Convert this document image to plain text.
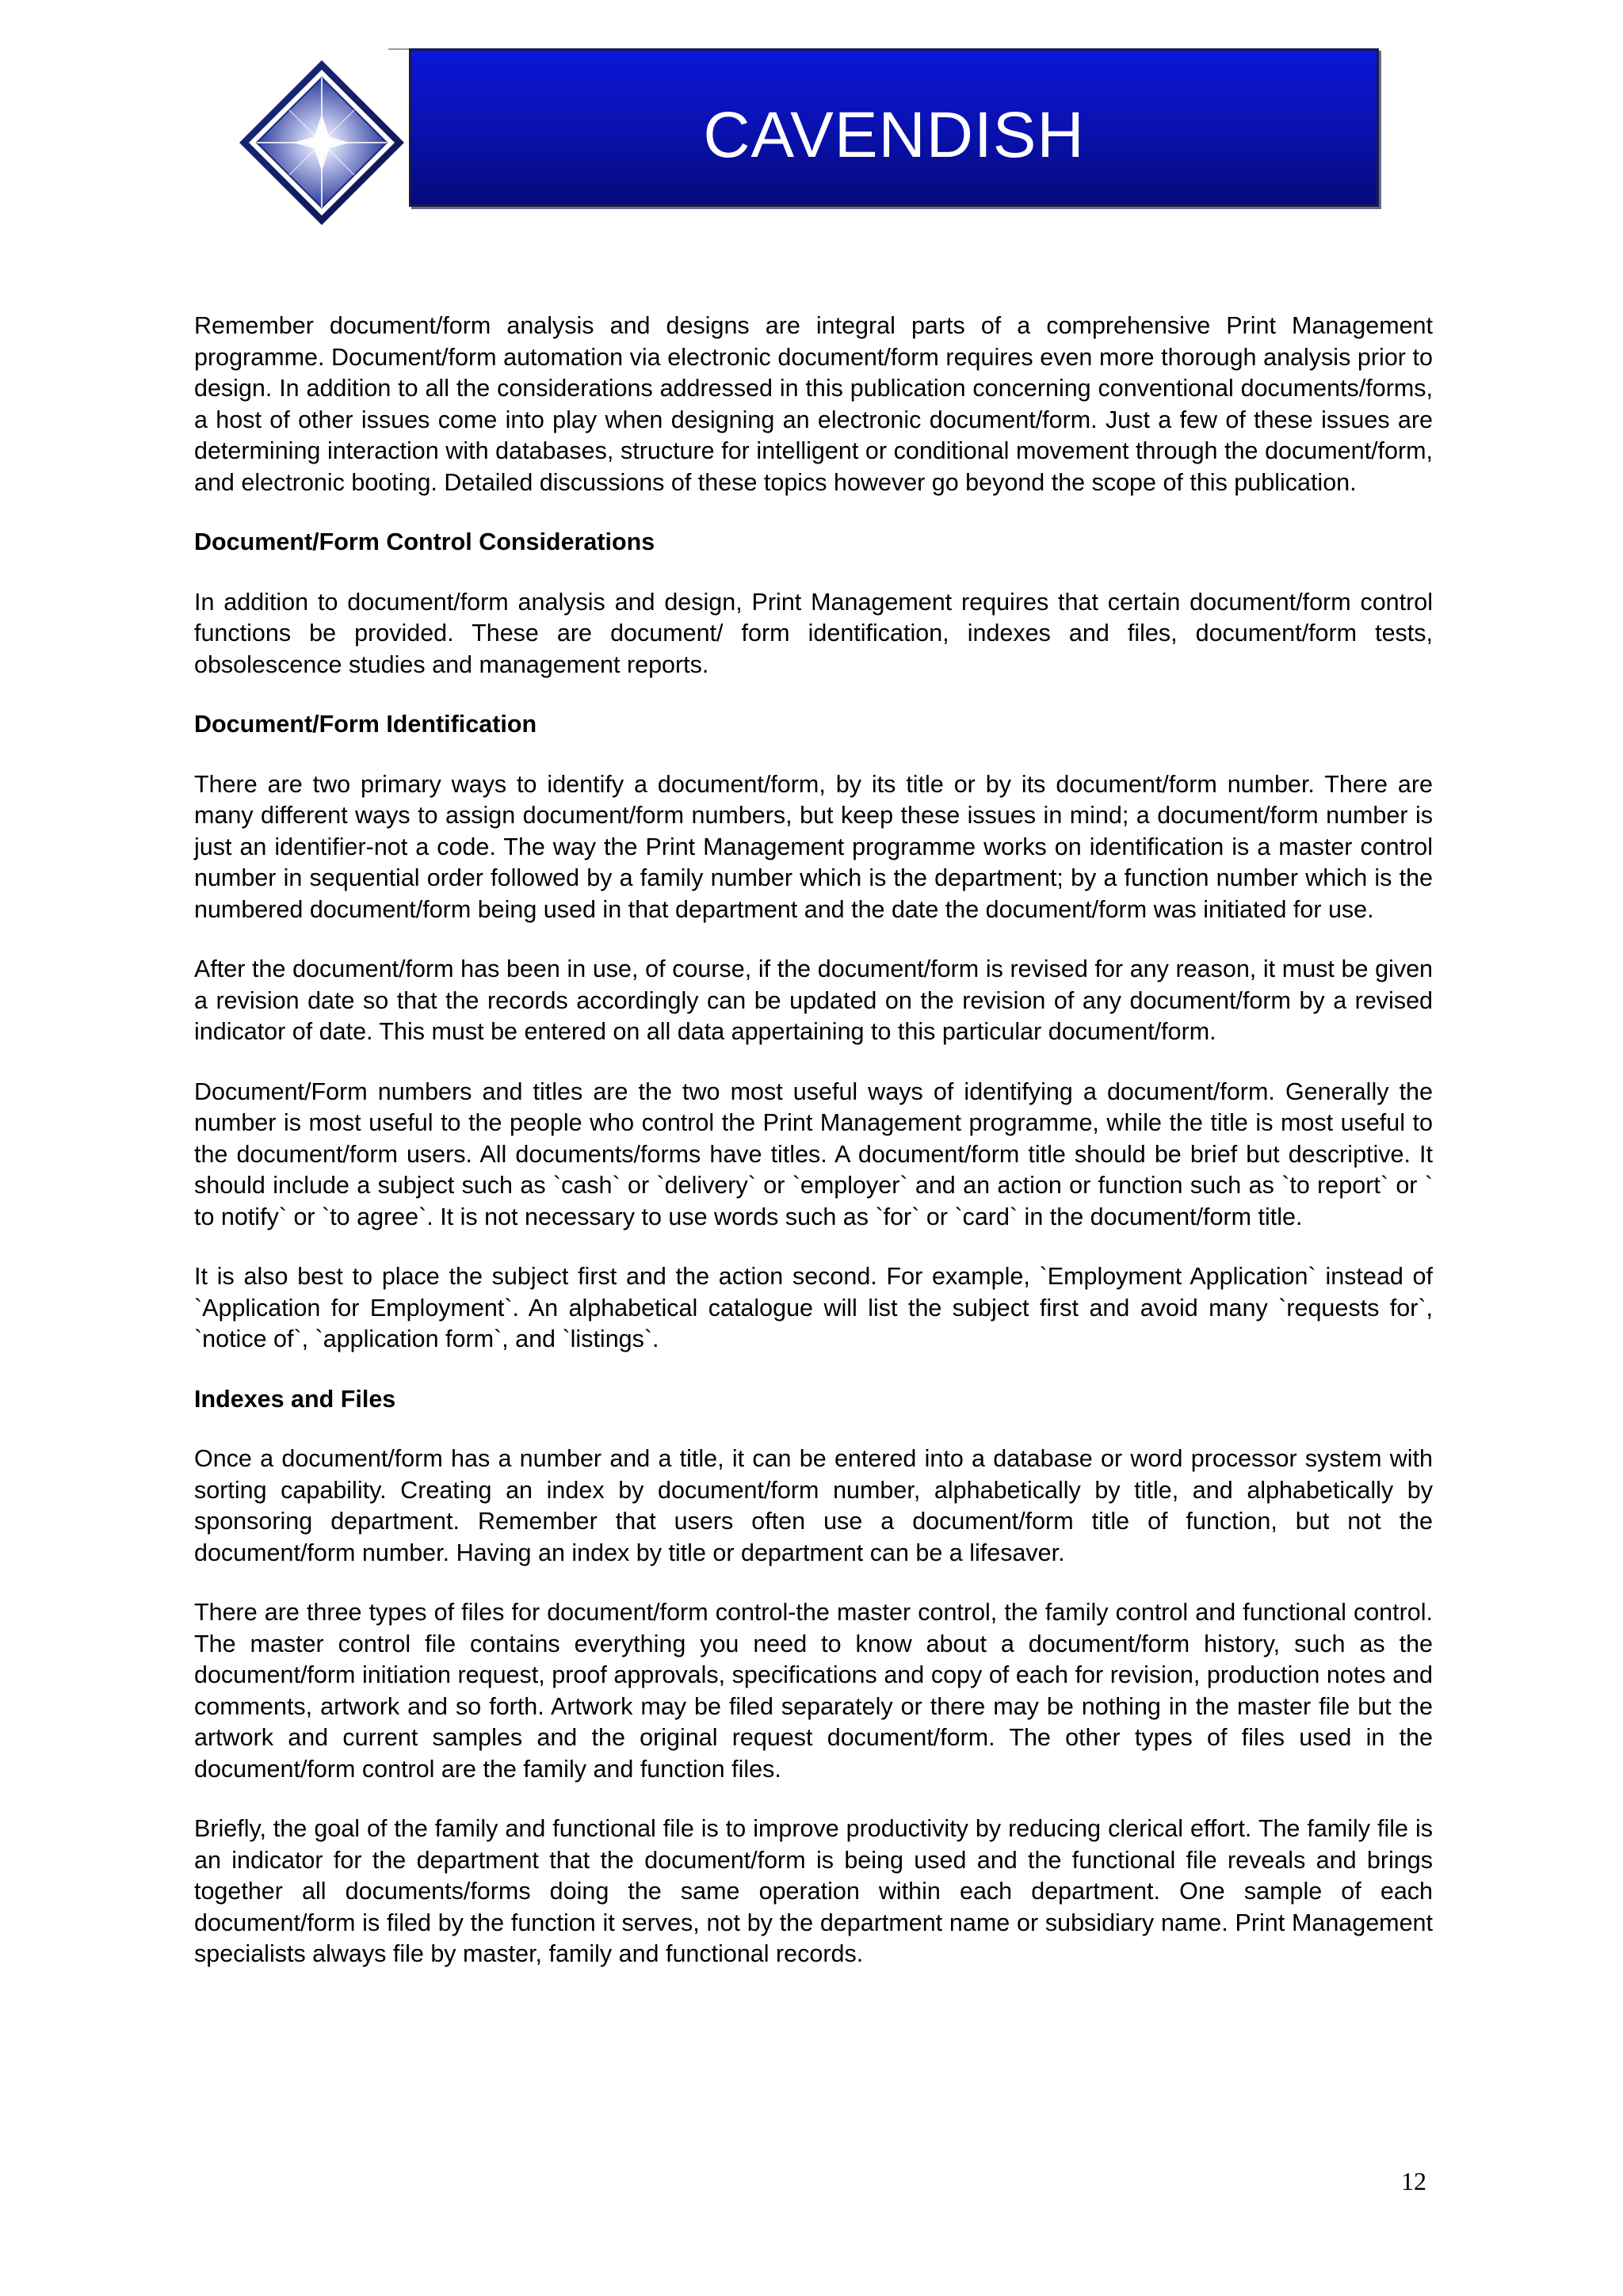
CAVENDISH

Remember document/form analysis and designs are integral parts of a comprehensive Print Management programme. Document/form automation via electronic document/form requires even more thorough analysis prior to design. In addition to all the considerations addressed in this publication concerning conventional documents/forms, a host of other issues come into play when designing an electronic document/form. Just a few of these issues are determining interaction with databases, structure for intelligent or conditional movement through the document/form, and electronic booting. Detailed discussions of these topics however go beyond the scope of this publication.

Document/Form Control Considerations

In addition to document/form analysis and design, Print Management requires that certain document/form control functions be provided. These are document/ form identification, indexes and files, document/form tests, obsolescence studies and management reports.

Document/Form Identification

There are two primary ways to identify a document/form, by its title or by its document/form number. There are many different ways to assign document/form numbers, but keep these issues in mind; a document/form number is just an identifier-not a code. The way the Print Management programme works on identification is a master control number in sequential order followed by a family number which is the department; by a function number which is the numbered document/form being used in that department and the date the document/form was initiated for use.

After the document/form has been in use, of course, if the document/form is revised for any reason, it must be given a revision date so that the records accordingly can be updated on the revision of any document/form by a revised indicator of date. This must be entered on all data appertaining to this particular document/form.

Document/Form numbers and titles are the two most useful ways of identifying a document/form. Generally the number is most useful to the people who control the Print Management programme, while the title is most useful to the document/form users. All documents/forms have titles. A document/form title should be brief but descriptive. It should include a subject such as `cash` or `delivery` or `employer` and an action or function such as `to report` or ` to notify` or `to agree`. It is not necessary to use words such as `for` or `card` in the document/form title.

It is also best to place the subject first and the action second. For example, `Employment Application` instead of `Application for Employment`. An alphabetical catalogue will list the subject first and avoid many `requests for`, `notice of`, `application form`, and `listings`.

Indexes and Files

Once a document/form has a number and a title, it can be entered into a database or word processor system with sorting capability. Creating an index by document/form number, alphabetically by title, and alphabetically by sponsoring department. Remember that users often use a document/form title of function, but not the document/form number. Having an index by title or department can be a lifesaver.

There are three types of files for document/form control-the master control, the family control and functional control. The master control file contains everything you need to know about a document/form history, such as the document/form initiation request, proof approvals, specifications and copy of each for revision, production notes and comments, artwork and so forth. Artwork may be filed separately or there may be nothing in the master file but the artwork and current samples and the original request document/form. The other types of files used in the document/form control are the family and function files.

Briefly, the goal of the family and functional file is to improve productivity by reducing clerical effort. The family file is an indicator for the department that the document/form is being used and the functional file reveals and brings together all documents/forms doing the same operation within each department. One sample of each document/form is filed by the function it serves, not by the department name or subsidiary name. Print Management specialists always file by master, family and functional records.

12
